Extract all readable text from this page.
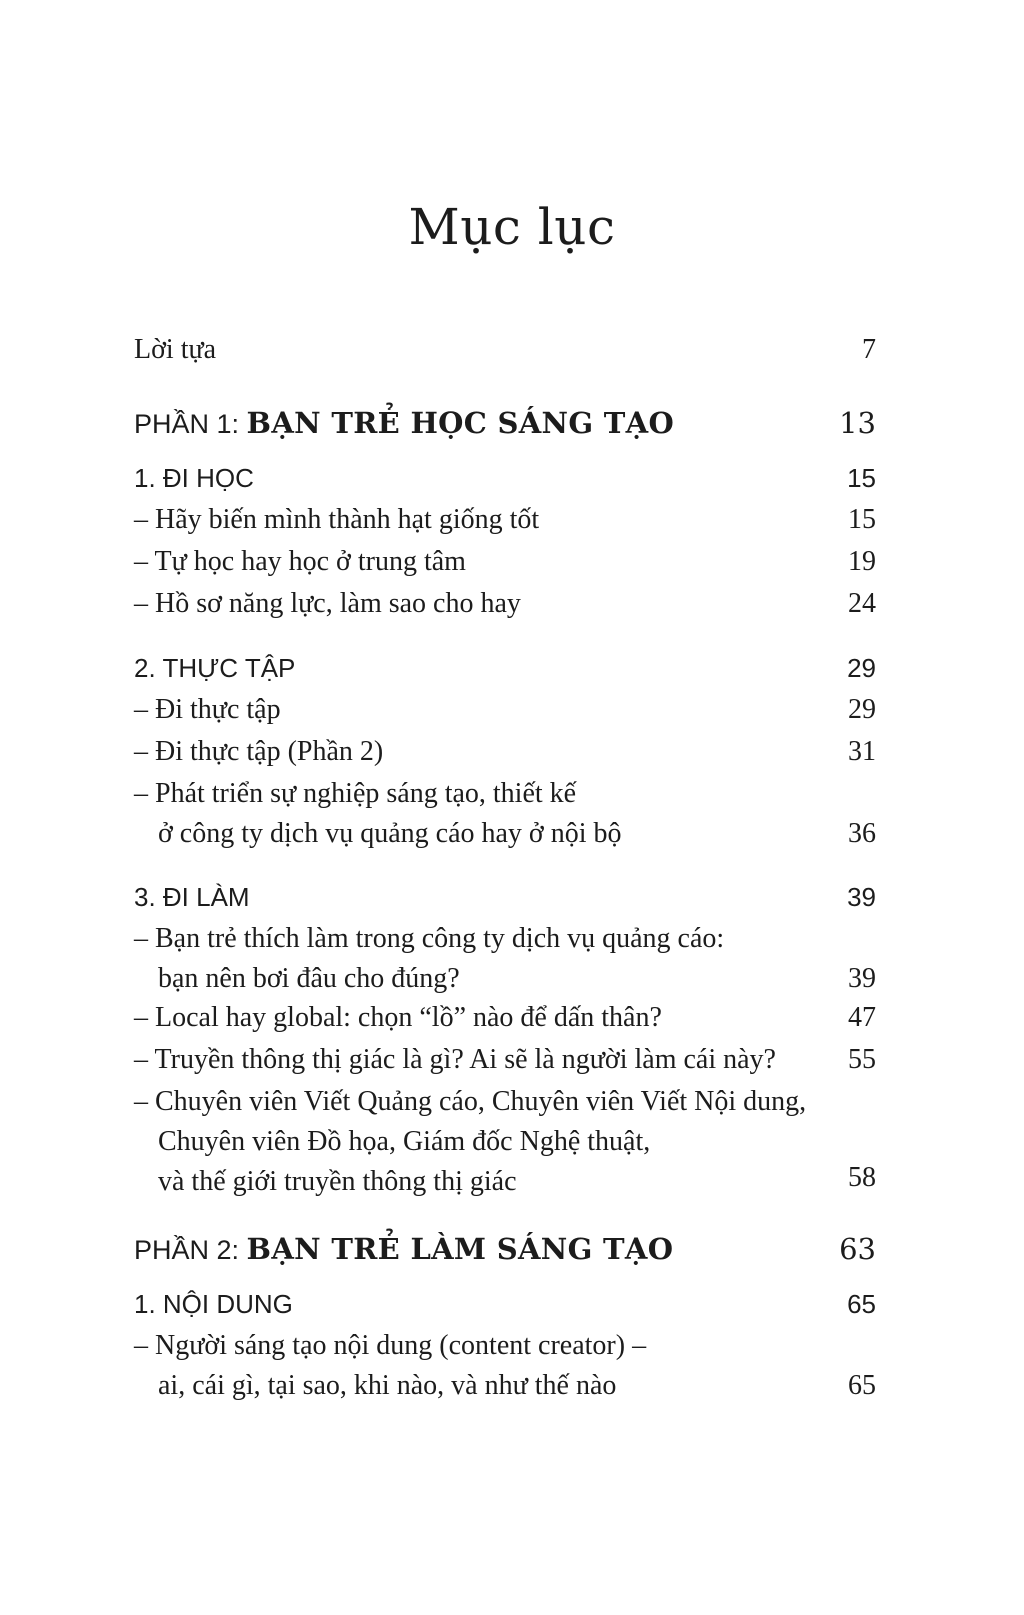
Mục lục
Lời tựa	7
PHẦN 1: BẠN TRẺ HỌC SÁNG TẠO	13
1. ĐI HỌC	15
– Hãy biến mình thành hạt giống tốt	15
– Tự học hay học ở trung tâm	19
– Hồ sơ năng lực, làm sao cho hay	24
2. THỰC TẬP	29
– Đi thực tập	29
– Đi thực tập (Phần 2)	31
– Phát triển sự nghiệp sáng tạo, thiết kế
ở công ty dịch vụ quảng cáo hay ở nội bộ	36
3. ĐI LÀM	39
– Bạn trẻ thích làm trong công ty dịch vụ quảng cáo:
bạn nên bơi đâu cho đúng?	39
– Local hay global: chọn “lồ” nào để dấn thân?	47
– Truyền thông thị giác là gì? Ai sẽ là người làm cái này?	55
– Chuyên viên Viết Quảng cáo, Chuyên viên Viết Nội dung,
Chuyên viên Đồ họa, Giám đốc Nghệ thuật,
và thế giới truyền thông thị giác	58
PHẦN 2: BẠN TRẺ LÀM SÁNG TẠO	63
1. NỘI DUNG	65
– Người sáng tạo nội dung (content creator) –
ai, cái gì, tại sao, khi nào, và như thế nào	65
